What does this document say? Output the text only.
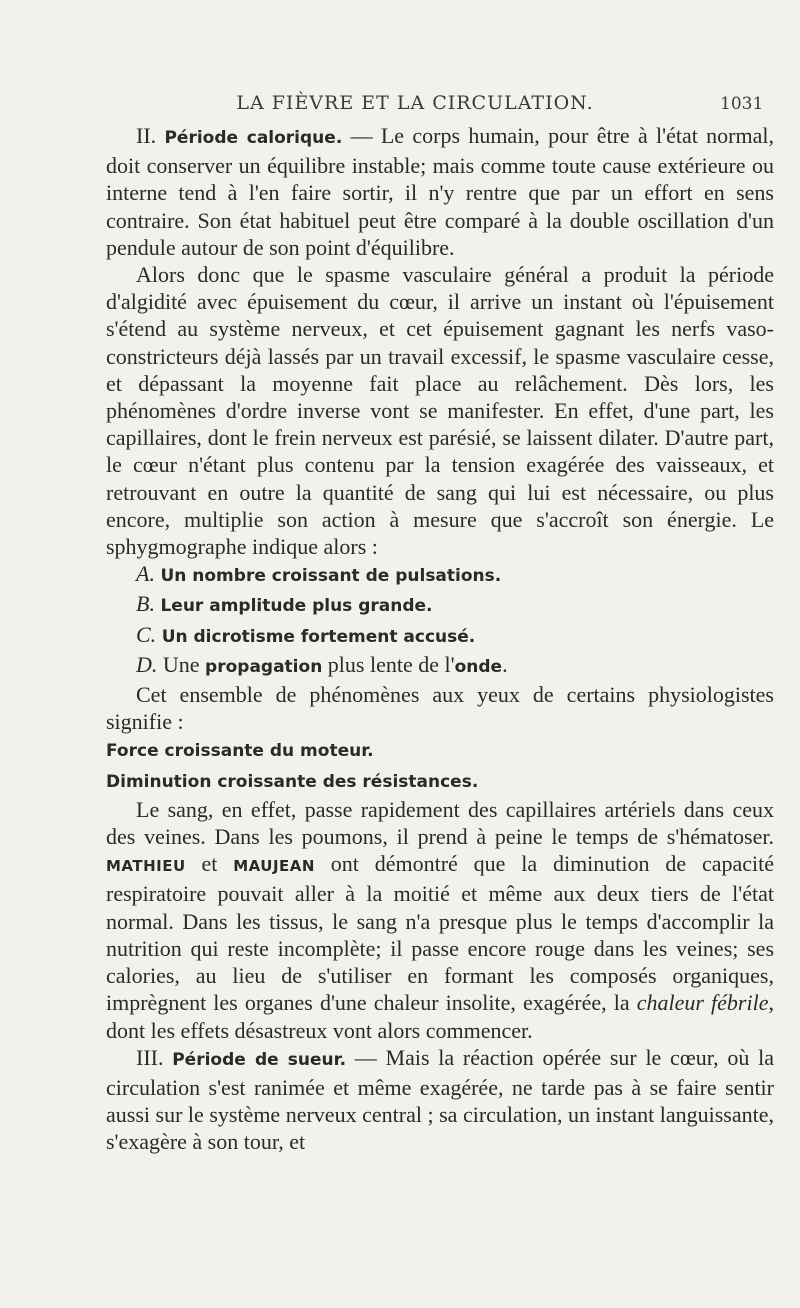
LA FIÈVRE ET LA CIRCULATION.	1031

II. Période calorique. — Le corps humain, pour être à l'état normal, doit conserver un équilibre instable; mais comme toute cause extérieure ou interne tend à l'en faire sortir, il n'y rentre que par un effort en sens contraire. Son état habituel peut être comparé à la double oscillation d'un pendule autour de son point d'équilibre.

Alors donc que le spasme vasculaire général a produit la période d'algidité avec épuisement du cœur, il arrive un instant où l'épuisement s'étend au système nerveux, et cet épuisement gagnant les nerfs vaso-constricteurs déjà lassés par un travail excessif, le spasme vasculaire cesse, et dépassant la moyenne fait place au relâchement. Dès lors, les phénomènes d'ordre inverse vont se manifester. En effet, d'une part, les capillaires, dont le frein nerveux est parésié, se laissent dilater. D'autre part, le cœur n'étant plus contenu par la tension exagérée des vaisseaux, et retrouvant en outre la quantité de sang qui lui est nécessaire, ou plus encore, multiplie son action à mesure que s'accroît son énergie. Le sphygmographe indique alors :

A. Un nombre croissant de pulsations.

B. Leur amplitude plus grande.

C. Un dicrotisme fortement accusé.

D. Une propagation plus lente de l'onde.

Cet ensemble de phénomènes aux yeux de certains physiologistes signifie :

Force croissante du moteur.

Diminution croissante des résistances.

Le sang, en effet, passe rapidement des capillaires artériels dans ceux des veines. Dans les poumons, il prend à peine le temps de s'hématoser. MATHIEU et MAUJEAN ont démontré que la diminution de capacité respiratoire pouvait aller à la moitié et même aux deux tiers de l'état normal. Dans les tissus, le sang n'a presque plus le temps d'accomplir la nutrition qui reste incomplète; il passe encore rouge dans les veines; ses calories, au lieu de s'utiliser en formant les composés organiques, imprègnent les organes d'une chaleur insolite, exagérée, la chaleur fébrile, dont les effets désastreux vont alors commencer.

III. Période de sueur. — Mais la réaction opérée sur le cœur, où la circulation s'est ranimée et même exagérée, ne tarde pas à se faire sentir aussi sur le système nerveux central ; sa circulation, un instant languissante, s'exagère à son tour, et
